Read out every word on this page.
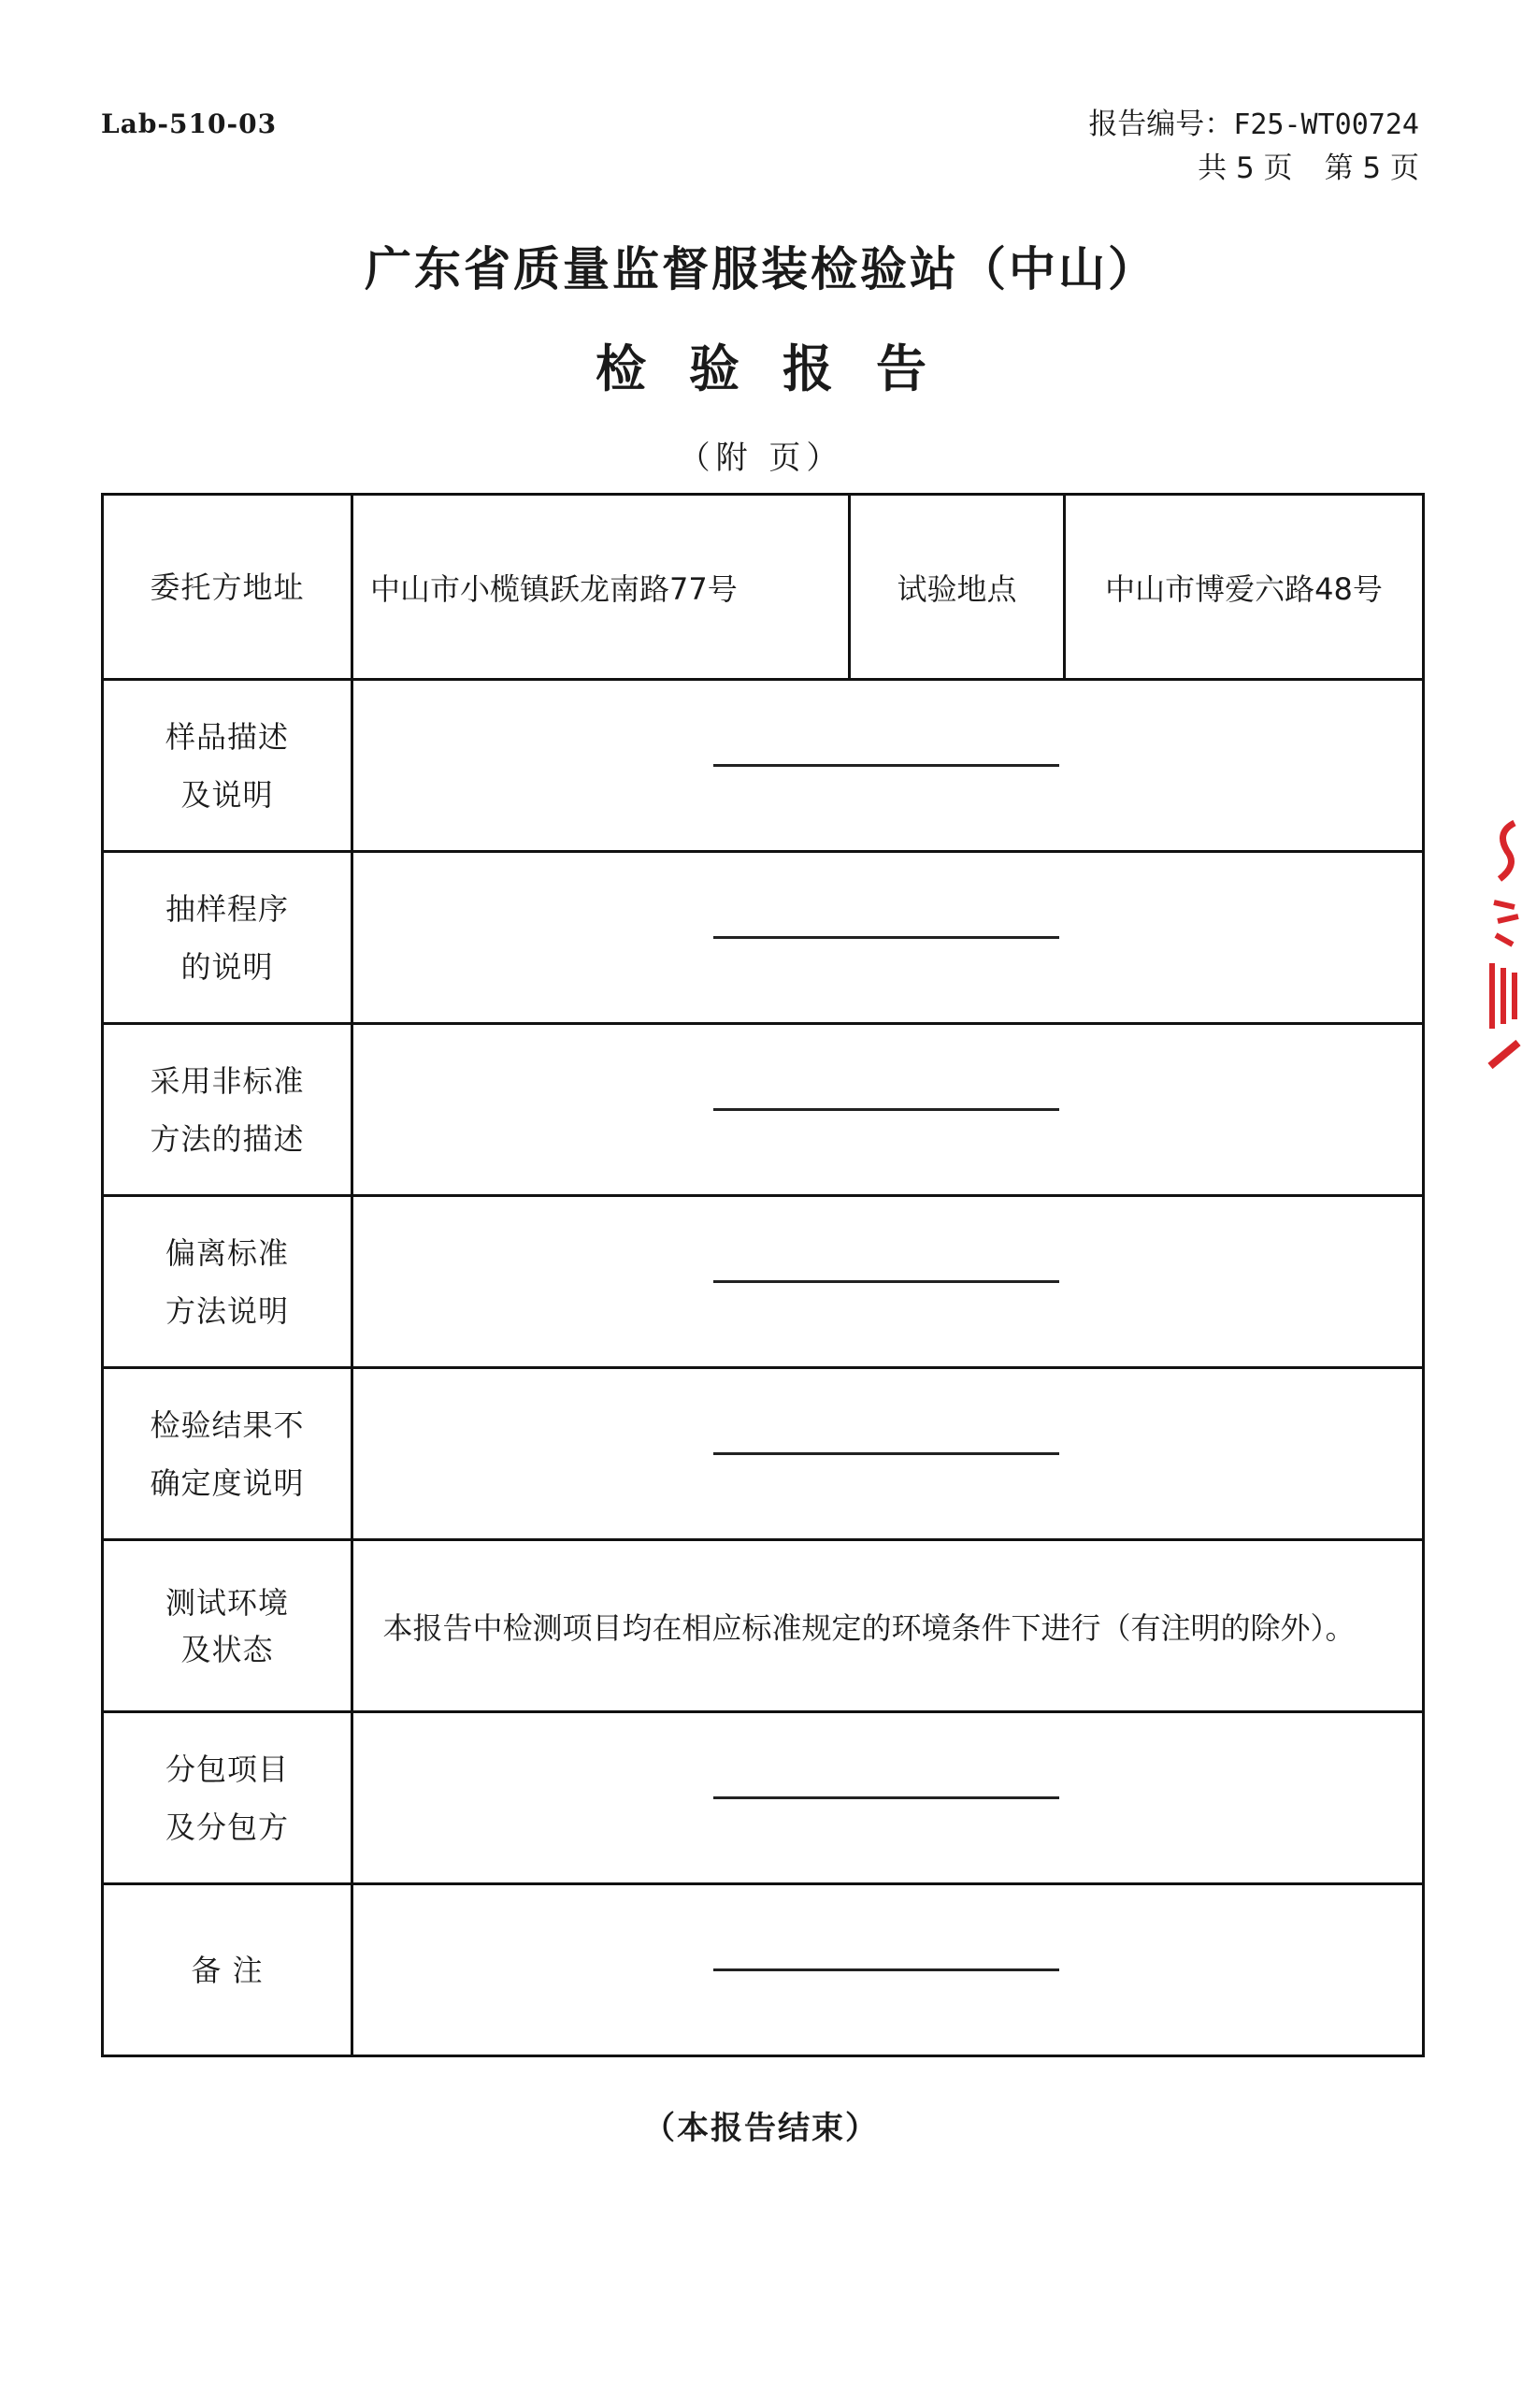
Lab-510-03	报告编号：F25-WT00724
共 5 页 第 5 页
广东省质量监督服装检验站（中山）
检验报告
（附 页）
委托方地址	中山市小榄镇跃龙南路77号	试验地点	中山市博爱六路48号

样品描述
及说明			

抽样程序
的说明			

采用非标准
方法的描述			

偏离标准
方法说明			

检验结果不
确定度说明			

测试环境
及状态	本报告中检测项目均在相应标准规定的环境条件下进行（有注明的除外）。		

分包项目
及分包方			

备 注			

（本报告结束）
